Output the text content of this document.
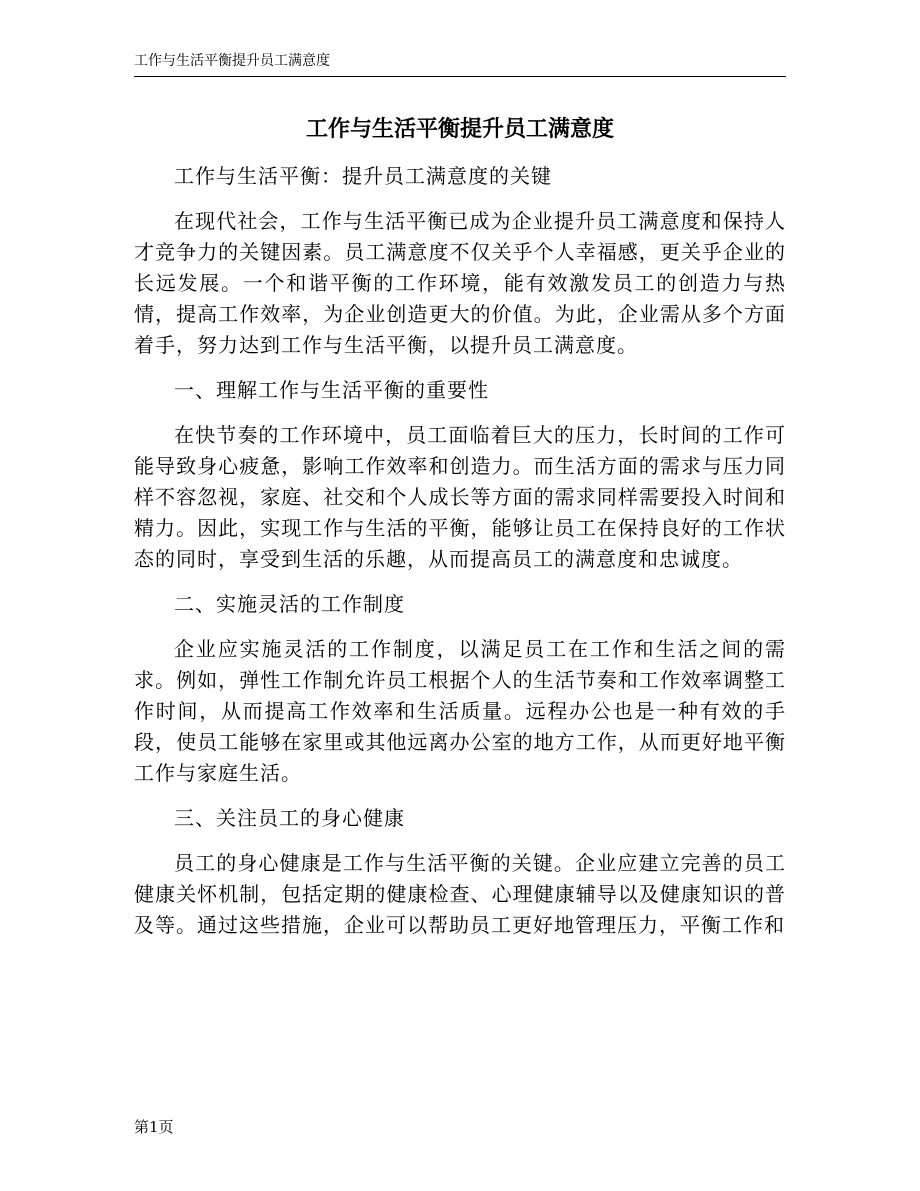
工作与生活平衡提升员工满意度
工作与生活平衡提升员工满意度

工作与生活平衡：提升员工满意度的关键

在现代社会，工作与生活平衡已成为企业提升员工满意度和保持人才竞争力的关键因素。员工满意度不仅关乎个人幸福感，更关乎企业的长远发展。一个和谐平衡的工作环境，能有效激发员工的创造力与热情，提高工作效率，为企业创造更大的价值。为此，企业需从多个方面着手，努力达到工作与生活平衡，以提升员工满意度。

一、理解工作与生活平衡的重要性

在快节奏的工作环境中，员工面临着巨大的压力，长时间的工作可能导致身心疲惫，影响工作效率和创造力。而生活方面的需求与压力同样不容忽视，家庭、社交和个人成长等方面的需求同样需要投入时间和精力。因此，实现工作与生活的平衡，能够让员工在保持良好的工作状态的同时，享受到生活的乐趣，从而提高员工的满意度和忠诚度。

二、实施灵活的工作制度

企业应实施灵活的工作制度，以满足员工在工作和生活之间的需求。例如，弹性工作制允许员工根据个人的生活节奏和工作效率调整工作时间，从而提高工作效率和生活质量。远程办公也是一种有效的手段，使员工能够在家里或其他远离办公室的地方工作，从而更好地平衡工作与家庭生活。

三、关注员工的身心健康

员工的身心健康是工作与生活平衡的关键。企业应建立完善的员工健康关怀机制，包括定期的健康检查、心理健康辅导以及健康知识的普及等。通过这些措施，企业可以帮助员工更好地管理压力，平衡工作和

第1页
